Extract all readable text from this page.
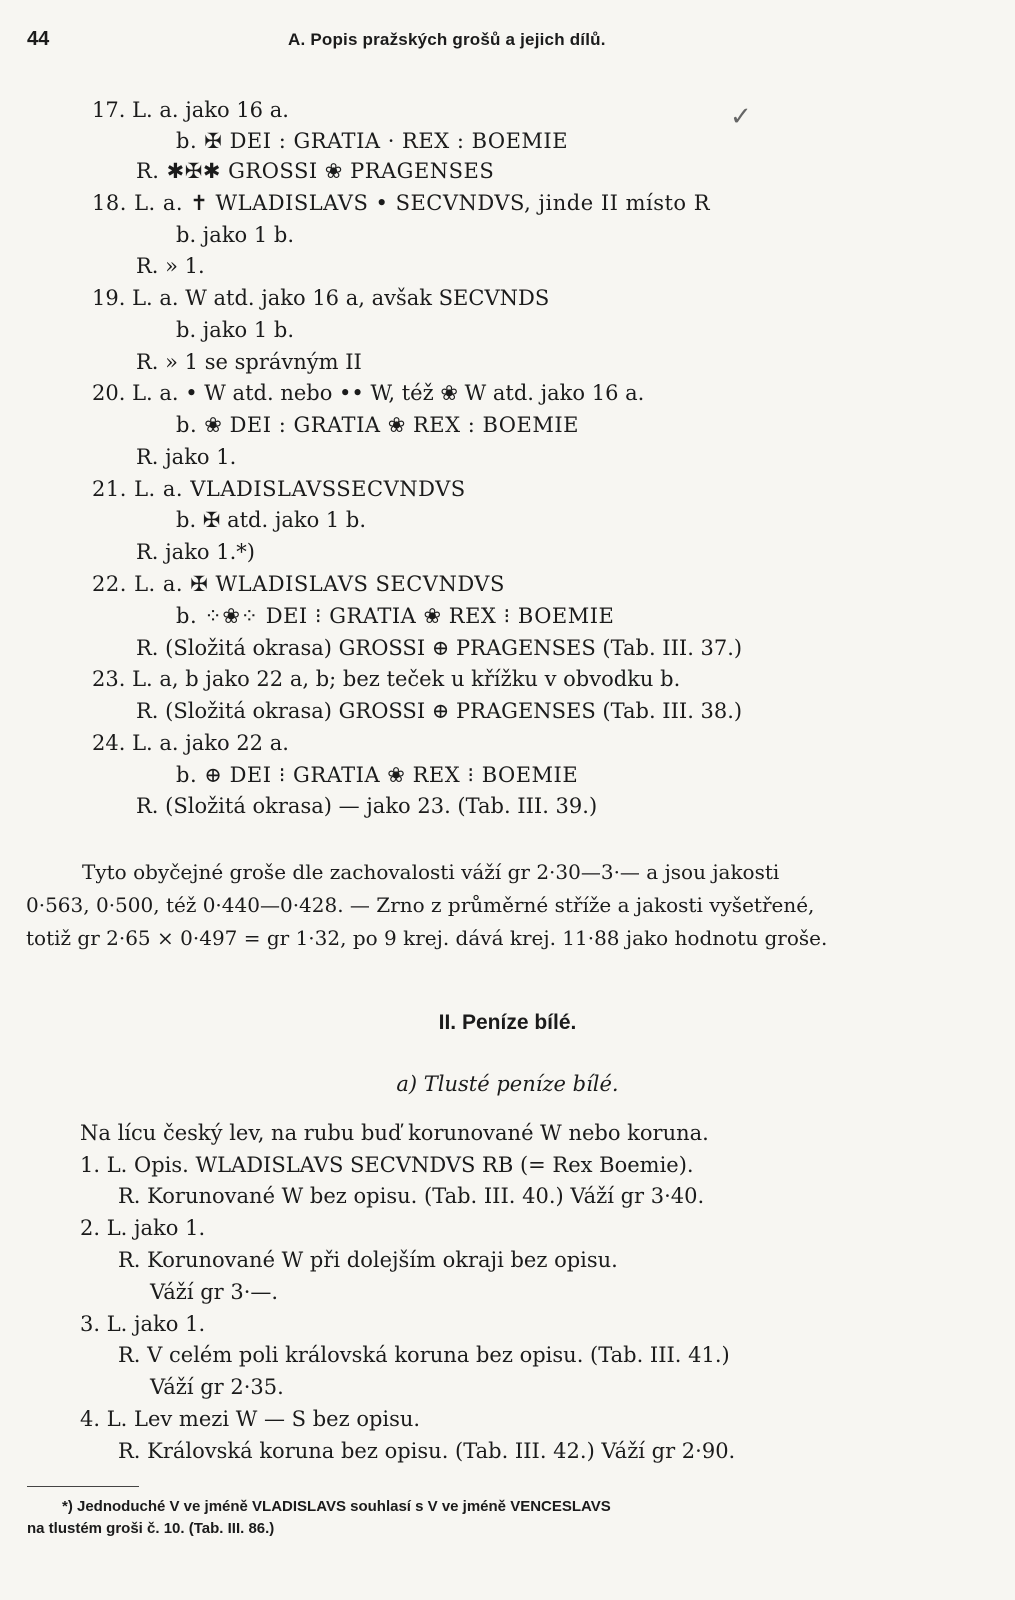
44	A. Popis pražských grošů a jejich dílů.
✓
17. L. a. jako 16 a.
b. ✠ DEI : GRATIA · REX : BOEMIE
R. ✱✠✱ GROSSI ❀ PRAGENSES
18. L. a. ✝ WLADISLAVS • SECVNDVS, jinde II místo R
b. jako 1 b.
R. » 1.
19. L. a. W atd. jako 16 a, avšak SECVNDS
b. jako 1 b.
R. » 1 se správným II
20. L. a. • W atd. nebo •• W, též ❀ W atd. jako 16 a.
b. ❀ DEI : GRATIA ❀ REX : BOEMIE
R. jako 1.
21. L. a. VLADISLAVSSECVNDVS
b. ✠ atd. jako 1 b.
R. jako 1.*)
22. L. a. ✠ WLADISLAVS SECVNDVS
b. ⁘❀⁘ DEI ⁝ GRATIA ❀ REX ⁝ BOEMIE
R. (Složitá okrasa) GROSSI ⊕ PRAGENSES (Tab. III. 37.)
23. L. a, b jako 22 a, b; bez teček u křížku v obvodku b.
R. (Složitá okrasa) GROSSI ⊕ PRAGENSES (Tab. III. 38.)
24. L. a. jako 22 a.
b. ⊕ DEI ⁝ GRATIA ❀ REX ⁝ BOEMIE
R. (Složitá okrasa) — jako 23. (Tab. III. 39.)
Tyto obyčejné groše dle zachovalosti váží gr 2·30—3·— a jsou jakosti
0·563, 0·500, též 0·440—0·428. — Zrno z průměrné stříže a jakosti vyšetřené,
totiž gr 2·65 × 0·497 = gr 1·32, po 9 krej. dává krej. 11·88 jako hodnotu groše.
II. Peníze bílé.
a) Tlusté peníze bílé.
Na lícu český lev, na rubu buď korunované W nebo koruna.
1. L. Opis. WLADISLAVS SECVNDVS RB (= Rex Boemie).
R. Korunované W bez opisu. (Tab. III. 40.) Váží gr 3·40.
2. L. jako 1.
R. Korunované W při dolejším okraji bez opisu.
Váží gr 3·—.
3. L. jako 1.
R. V celém poli královská koruna bez opisu. (Tab. III. 41.)
Váží gr 2·35.
4. L. Lev mezi W — S bez opisu.
R. Královská koruna bez opisu. (Tab. III. 42.) Váží gr 2·90.
*) Jednoduché V ve jméně VLADISLAVS souhlasí s V ve jméně VENCESLAVS
na tlustém groši č. 10. (Tab. III. 86.)
